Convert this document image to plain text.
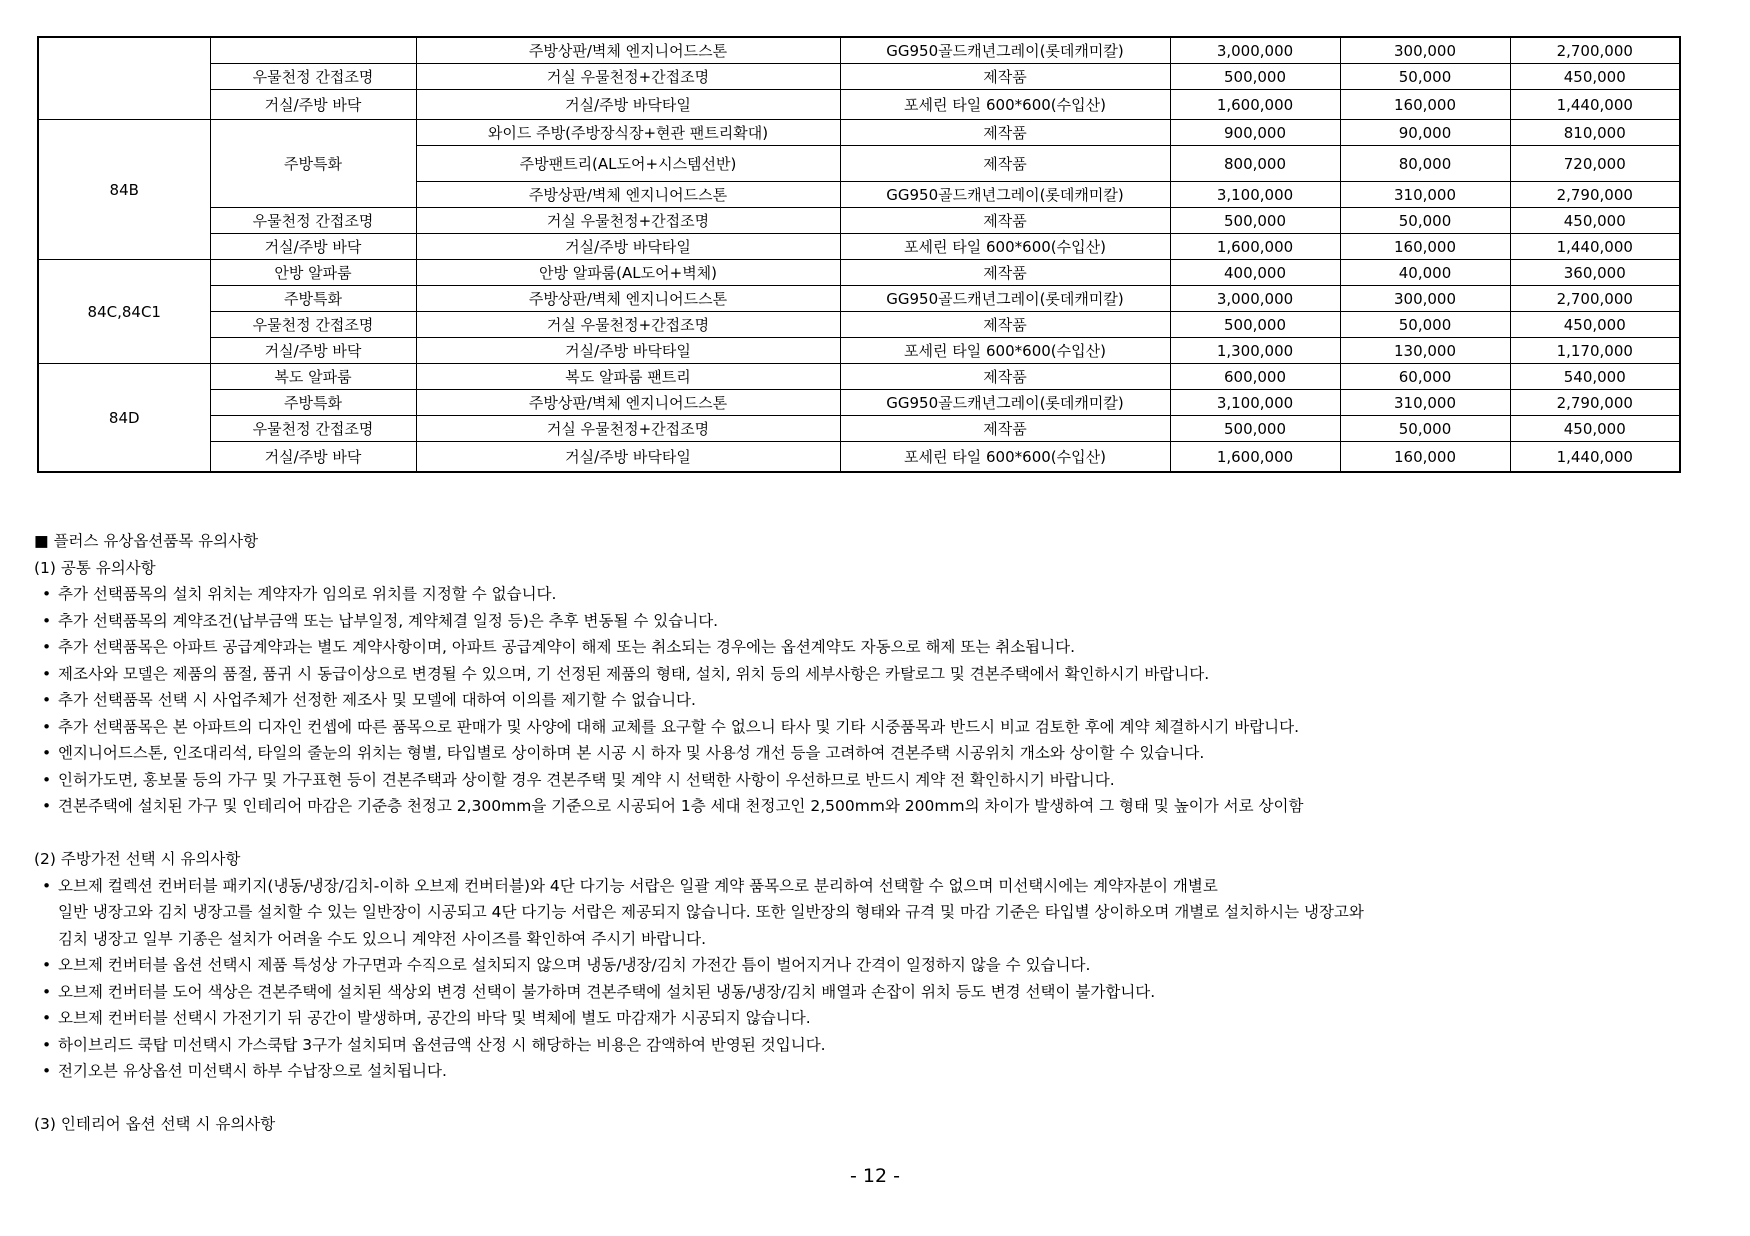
		주방상판/벽체 엔지니어드스톤	GG950골드캐년그레이(롯데캐미칼)	3,000,000	300,000	2,700,000
	우물천정 간접조명	거실 우물천정+간접조명	제작품	500,000	50,000	450,000
	거실/주방 바닥	거실/주방 바닥타일	포세린 타일 600*600(수입산)	1,600,000	160,000	1,440,000
84B	주방특화	와이드 주방(주방장식장+현관 팬트리확대)	제작품	900,000	90,000	810,000
		주방팬트리(AL도어+시스템선반)	제작품	800,000	80,000	720,000
		주방상판/벽체 엔지니어드스톤	GG950골드캐년그레이(롯데캐미칼)	3,100,000	310,000	2,790,000
	우물천정 간접조명	거실 우물천정+간접조명	제작품	500,000	50,000	450,000
	거실/주방 바닥	거실/주방 바닥타일	포세린 타일 600*600(수입산)	1,600,000	160,000	1,440,000
84C,84C1	안방 알파룸	안방 알파룸(AL도어+벽체)	제작품	400,000	40,000	360,000
	주방특화	주방상판/벽체 엔지니어드스톤	GG950골드캐년그레이(롯데캐미칼)	3,000,000	300,000	2,700,000
	우물천정 간접조명	거실 우물천정+간접조명	제작품	500,000	50,000	450,000
	거실/주방 바닥	거실/주방 바닥타일	포세린 타일 600*600(수입산)	1,300,000	130,000	1,170,000
84D	복도 알파룸	복도 알파룸 팬트리	제작품	600,000	60,000	540,000
	주방특화	주방상판/벽체 엔지니어드스톤	GG950골드캐년그레이(롯데캐미칼)	3,100,000	310,000	2,790,000
	우물천정 간접조명	거실 우물천정+간접조명	제작품	500,000	50,000	450,000
	거실/주방 바닥	거실/주방 바닥타일	포세린 타일 600*600(수입산)	1,600,000	160,000	1,440,000
■ 플러스 유상옵션품목 유의사항
(1) 공통 유의사항
• 추가 선택품목의 설치 위치는 계약자가 임의로 위치를 지정할 수 없습니다.
• 추가 선택품목의 계약조건(납부금액 또는 납부일정, 계약체결 일정 등)은 추후 변동될 수 있습니다.
• 추가 선택품목은 아파트 공급계약과는 별도 계약사항이며, 아파트 공급계약이 해제 또는 취소되는 경우에는 옵션계약도 자동으로 해제 또는 취소됩니다.
• 제조사와 모델은 제품의 품절, 품귀 시 동급이상으로 변경될 수 있으며, 기 선정된 제품의 형태, 설치, 위치 등의 세부사항은 카탈로그 및 견본주택에서 확인하시기 바랍니다.
• 추가 선택품목 선택 시 사업주체가 선정한 제조사 및 모델에 대하여 이의를 제기할 수 없습니다.
• 추가 선택품목은 본 아파트의 디자인 컨셉에 따른 품목으로 판매가 및 사양에 대해 교체를 요구할 수 없으니 타사 및 기타 시중품목과 반드시 비교 검토한 후에 계약 체결하시기 바랍니다.
• 엔지니어드스톤, 인조대리석, 타일의 줄눈의 위치는 형별, 타입별로 상이하며 본 시공 시 하자 및 사용성 개선 등을 고려하여 견본주택 시공위치 개소와 상이할 수 있습니다.
• 인허가도면, 홍보물 등의 가구 및 가구표현 등이 견본주택과 상이할 경우 견본주택 및 계약 시 선택한 사항이 우선하므로 반드시 계약 전 확인하시기 바랍니다.
• 견본주택에 설치된 가구 및 인테리어 마감은 기준층 천정고 2,300mm을 기준으로 시공되어 1층 세대 천정고인 2,500mm와 200mm의 차이가 발생하여 그 형태 및 높이가 서로 상이함
(2) 주방가전 선택 시 유의사항
• 오브제 컬렉션 컨버터블 패키지(냉동/냉장/김치-이하 오브제 컨버터블)와 4단 다기능 서랍은 일괄 계약 품목으로 분리하여 선택할 수 없으며 미선택시에는 계약자분이 개별로
일반 냉장고와 김치 냉장고를 설치할 수 있는 일반장이 시공되고 4단 다기능 서랍은 제공되지 않습니다. 또한 일반장의 형태와 규격 및 마감 기준은 타입별 상이하오며 개별로 설치하시는 냉장고와
김치 냉장고 일부 기종은 설치가 어려울 수도 있으니 계약전 사이즈를 확인하여 주시기 바랍니다.
• 오브제 컨버터블 옵션 선택시 제품 특성상 가구면과 수직으로 설치되지 않으며 냉동/냉장/김치 가전간 틈이 벌어지거나 간격이 일정하지 않을 수 있습니다.
• 오브제 컨버터블 도어 색상은 견본주택에 설치된 색상외 변경 선택이 불가하며 견본주택에 설치된 냉동/냉장/김치 배열과 손잡이 위치 등도 변경 선택이 불가합니다.
• 오브제 컨버터블 선택시 가전기기 뒤 공간이 발생하며, 공간의 바닥 및 벽체에 별도 마감재가 시공되지 않습니다.
• 하이브리드 쿡탑 미선택시 가스쿡탑 3구가 설치되며 옵션금액 산정 시 해당하는 비용은 감액하여 반영된 것입니다.
• 전기오븐 유상옵션 미선택시 하부 수납장으로 설치됩니다.
(3) 인테리어 옵션 선택 시 유의사항
- 12 -
